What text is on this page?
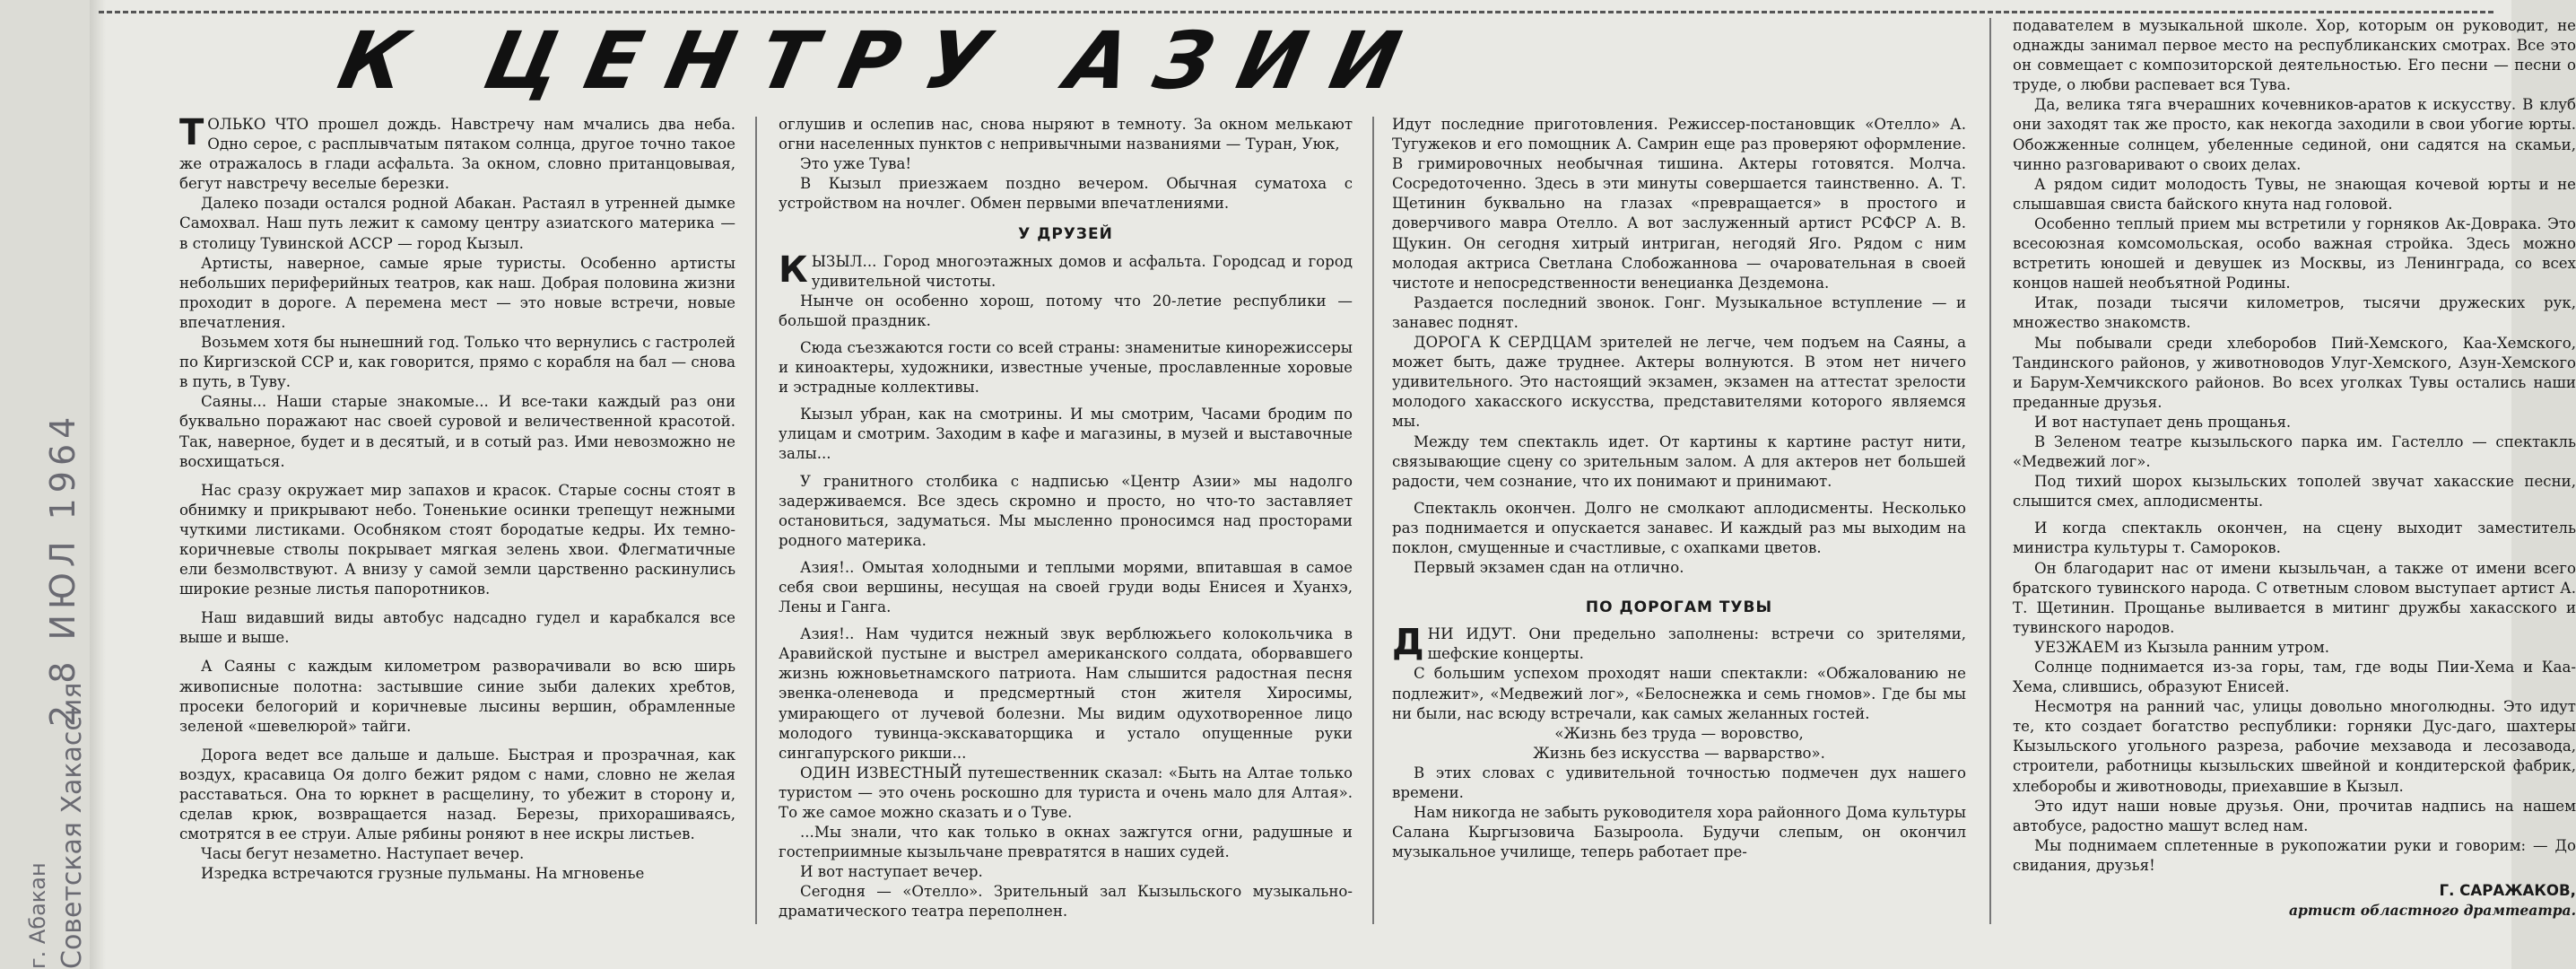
К ЦЕНТРУ АЗИИ

ТОЛЬКО ЧТО прошел дождь. Навстречу нам мчались два неба. Одно серое, с расплывчатым пятаком солнца, другое точно такое же отражалось в глади асфальта. За окном, словно пританцовывая, бегут навстречу веселые березки.

Далеко позади остался родной Абакан. Растаял в утренней дымке Самохвал. Наш путь лежит к самому центру азиатского материка — в столицу Тувинской АССР — город Кызыл.

Артисты, наверное, самые ярые туристы. Особенно артисты небольших периферийных театров, как наш. Добрая половина жизни проходит в дороге. А перемена мест — это новые встречи, новые впечатления.

Возьмем хотя бы нынешний год. Только что вернулись с гастролей по Киргизской ССР и, как говорится, прямо с корабля на бал — снова в путь, в Туву.

Саяны... Наши старые знакомые... И все-таки каждый раз они буквально поражают нас своей суровой и величественной красотой. Так, наверное, будет и в десятый, и в сотый раз. Ими невозможно не восхищаться.

Нас сразу окружает мир запахов и красок. Старые сосны стоят в обнимку и прикрывают небо. Тоненькие осинки трепещут нежными чуткими листиками. Особняком стоят бородатые кедры. Их темно-коричневые стволы покрывает мягкая зелень хвои. Флегматичные ели безмолвствуют. А внизу у самой земли царственно раскинулись широкие резные листья папоротников.

Наш видавший виды автобус надсадно гудел и карабкался все выше и выше.

А Саяны с каждым километром разворачивали во всю ширь живописные полотна: застывшие синие зыби далеких хребтов, просеки белогорий и коричневые лысины вершин, обрамленные зеленой «шевелюрой» тайги.

Дорога ведет все дальше и дальше. Быстрая и прозрачная, как воздух, красавица Оя долго бежит рядом с нами, словно не желая расставаться. Она то юркнет в расщелину, то убежит в сторону и, сделав крюк, возвращается назад. Березы, прихорашиваясь, смотрятся в ее струи. Алые рябины роняют в нее искры листьев.

Часы бегут незаметно. Наступает вечер.

Изредка встречаются грузные пульманы. На мгновенье

оглушив и ослепив нас, снова ныряют в темноту. За окном мелькают огни населенных пунктов с непривычными названиями — Туран, Уюк,

Это уже Тува!

В Кызыл приезжаем поздно вечером. Обычная суматоха с устройством на ночлег. Обмен первыми впечатлениями.

У ДРУЗЕЙ

КЫЗЫЛ... Город многоэтажных домов и асфальта. Городсад и город удивительной чистоты.

Нынче он особенно хорош, потому что 20-летие республики — большой праздник.

Сюда съезжаются гости со всей страны: знаменитые кинорежиссеры и кинoактеры, художники, известные ученые, прославленные хоровые и эстрадные коллективы.

Кызыл убран, как на смотрины. И мы смотрим, Часами бродим по улицам и смотрим. Заходим в кафе и магазины, в музей и выставочные залы...

У гранитного столбика с надписью «Центр Азии» мы надолго задерживаемся. Все здесь скромно и просто, но что-то заставляет остановиться, задуматься. Мы мысленно проносимся над просторами родного материка.

Азия!.. Омытая холодными и теплыми морями, впитавшая в самое себя свои вершины, несущая на своей груди воды Енисея и Хуанхэ, Лены и Ганга.

Азия!.. Нам чудится нежный звук верблюжьего колокольчика в Аравийской пустыне и выстрел американского солдата, оборвавшего жизнь южновьетнамского патриота. Нам слышится радостная песня эвенка-оленевода и предсмертный стон жителя Хиросимы, умирающего от лучевой болезни. Мы видим одухотворенное лицо молодого тувинца-экскаваторщика и устало опущенные руки сингапурского рикши...

ОДИН ИЗВЕСТНЫЙ путешественник сказал: «Быть на Алтае только туристом — это очень роскошно для туриста и очень мало для Алтая». То же самое можно сказать и о Туве.

...Мы знали, что как только в окнах зажгутся огни, радушные и гостеприимные кызыльчане превратятся в наших судей.

И вот наступает вечер.

Сегодня — «Отелло». Зрительный зал Кызыльского музыкально-драматического театра переполнен.

Идут последние приготовления. Режиссер-постановщик «Отелло» А. Тугужеков и его помощник А. Самрин еще раз проверяют оформление. В гримировочных необычная тишина. Актеры готовятся. Молча. Сосредоточенно. Здесь в эти минуты совершается таинственно. А. Т. Щетинин буквально на глазах «превращается» в простого и доверчивого мавра Отелло. А вот заслуженный артист РСФСР А. В. Щукин. Он сегодня хитрый интриган, негодяй Яго. Рядом с ним молодая актриса Светлана Слобожаннова — очаровательная в своей чистоте и непосредственности венецианка Дездемона.

Раздается последний звонок. Гонг. Музыкальное вступление — и занавес поднят.

ДОРОГА К СЕРДЦАМ зрителей не легче, чем подъем на Саяны, а может быть, даже труднее. Актеры волнуются. В этом нет ничего удивительного. Это настоящий экзамен, экзамен на аттестат зрелости молодого хакасского искусства, представителями которого являемся мы.

Между тем спектакль идет. От картины к картине растут нити, связывающие сцену со зрительным залом. А для актеров нет большей радости, чем сознание, что их понимают и принимают.

Спектакль окончен. Долго не смолкают аплодисменты. Несколько раз поднимается и опускается занавес. И каждый раз мы выходим на поклон, смущенные и счастливые, с охапками цветов.

Первый экзамен сдан на отлично.

ПО ДОРОГАМ ТУВЫ

ДНИ ИДУТ. Они предельно заполнены: встречи со зрителями, шефские концерты.

С большим успехом проходят наши спектакли: «Обжалованию не подлежит», «Медвежий лог», «Белоснежка и семь гномов». Где бы мы ни были, нас всюду встречали, как самых желанных гостей.

«Жизнь без труда — воровство,

Жизнь без искусства — варварство».

В этих словах с удивительной точностью подмечен дух нашего времени.

Нам никогда не забыть руководителя хора районного Дома культуры Салана Кыргызовича Базыроола. Будучи слепым, он окончил музыкальное училище, теперь работает пре-

подавателем в музыкальной школе. Хор, которым он руководит, не однажды занимал первое место на республиканских смотрах. Все это он совмещает с композиторской деятельностью. Его песни — песни о труде, о любви распевает вся Тува.

Да, велика тяга вчерашних кочевников-аратов к искусству. В клуб они заходят так же просто, как некогда заходили в свои убогие юрты. Обожженные солнцем, убеленные сединой, они садятся на скамьи, чинно разговаривают о своих делах.

А рядом сидит молодость Тувы, не знающая кочевой юрты и не слышавшая свиста байского кнута над головой.

Особенно теплый прием мы встретили у горняков Ак-Доврака. Это всесоюзная комсомольская, особо важная стройка. Здесь можно встретить юношей и девушек из Москвы, из Ленинграда, со всех концов нашей необъятной Родины.

Итак, позади тысячи километров, тысячи дружеских рук, множество знакомств.

Мы побывали среди хлеборобов Пий-Хемского, Каа-Хемского, Тандинского районов, у животноводов Улуг-Хемского, Азун-Хемского и Барум-Хемчикского районов. Во всех уголках Тувы остались наши преданные друзья.

И вот наступает день прощанья.

В Зеленом театре кызыльского парка им. Гастелло — спектакль «Медвежий лог».

Под тихий шорох кызыльских тополей звучат хакасские песни, слышится смех, аплодисменты.

И когда спектакль окончен, на сцену выходит заместитель министра культуры т. Самороков.

Он благодарит нас от имени кызыльчан, а также от имени всего братского тувинского народа. С ответным словом выступает артист А. Т. Щетинин. Прощанье выливается в митинг дружбы хакасского и тувинского народов.

УЕЗЖАЕМ из Кызыла ранним утром.

Солнце поднимается из-за горы, там, где воды Пии-Хема и Каа-Хема, слившись, образуют Енисей.

Несмотря на ранний час, улицы довольно многолюдны. Это идут те, кто создает богатство республики: горняки Дус-даго, шахтеры Кызыльского угольного разреза, рабочие мехзавода и лесозавода, строители, работницы кызыльских швейной и кондитерской фабрик, хлеборобы и животноводы, приехавшие в Кызыл.

Это идут наши новые друзья. Они, прочитав надпись на нашем автобусе, радостно машут вслед нам.

Мы поднимаем сплетенные в рукопожатии руки и говорим: — До свидания, друзья!

Г. САРАЖАКОВ,

артист областного драмтеатра.

2 8 ИЮЛ 1964
Советская Хакассия
г. Абакан
